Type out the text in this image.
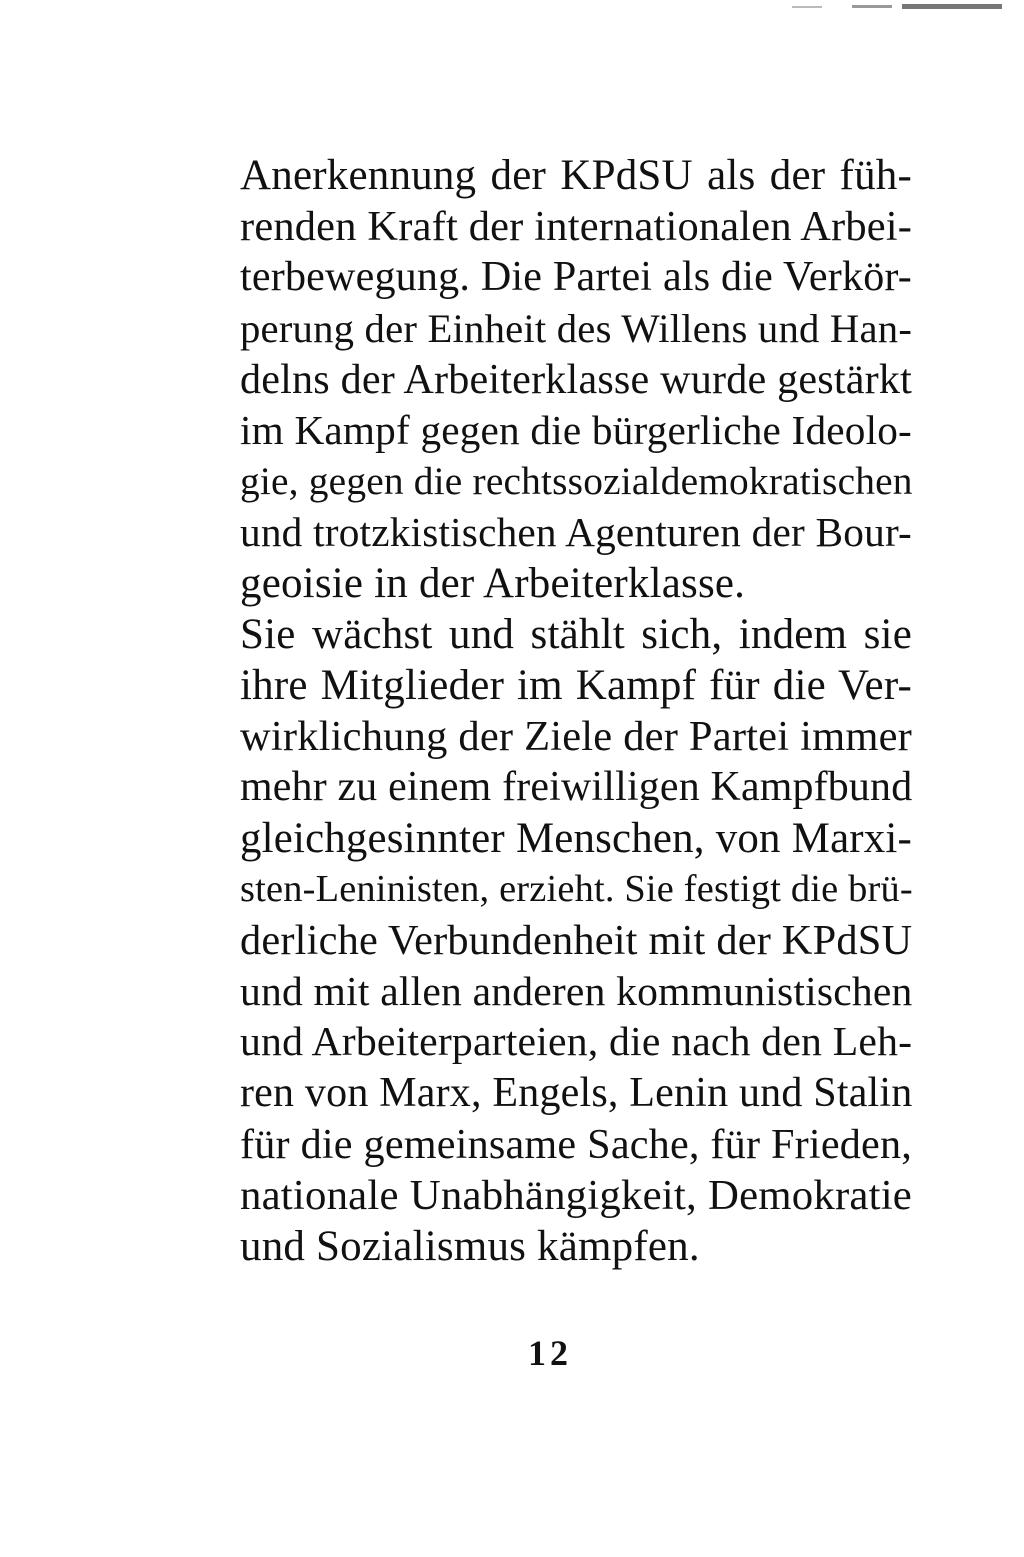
Anerkennung der KPdSU als der füh-
renden Kraft der internationalen Arbei-
terbewegung. Die Partei als die Verkör-
perung der Einheit des Willens und Han-
delns der Arbeiterklasse wurde gestärkt
im Kampf gegen die bürgerliche Ideolo-
gie, gegen die rechtssozialdemokratischen
und trotzkistischen Agenturen der Bour-
geoisie in der Arbeiterklasse.
Sie wächst und stählt sich, indem sie
ihre Mitglieder im Kampf für die Ver-
wirklichung der Ziele der Partei immer
mehr zu einem freiwilligen Kampfbund
gleichgesinnter Menschen, von Marxi-
sten-Leninisten, erzieht. Sie festigt die brü-
derliche Verbundenheit mit der KPdSU
und mit allen anderen kommunistischen
und Arbeiterparteien, die nach den Leh-
ren von Marx, Engels, Lenin und Stalin
für die gemeinsame Sache, für Frieden,
nationale Unabhängigkeit, Demokratie
und Sozialismus kämpfen.
12
